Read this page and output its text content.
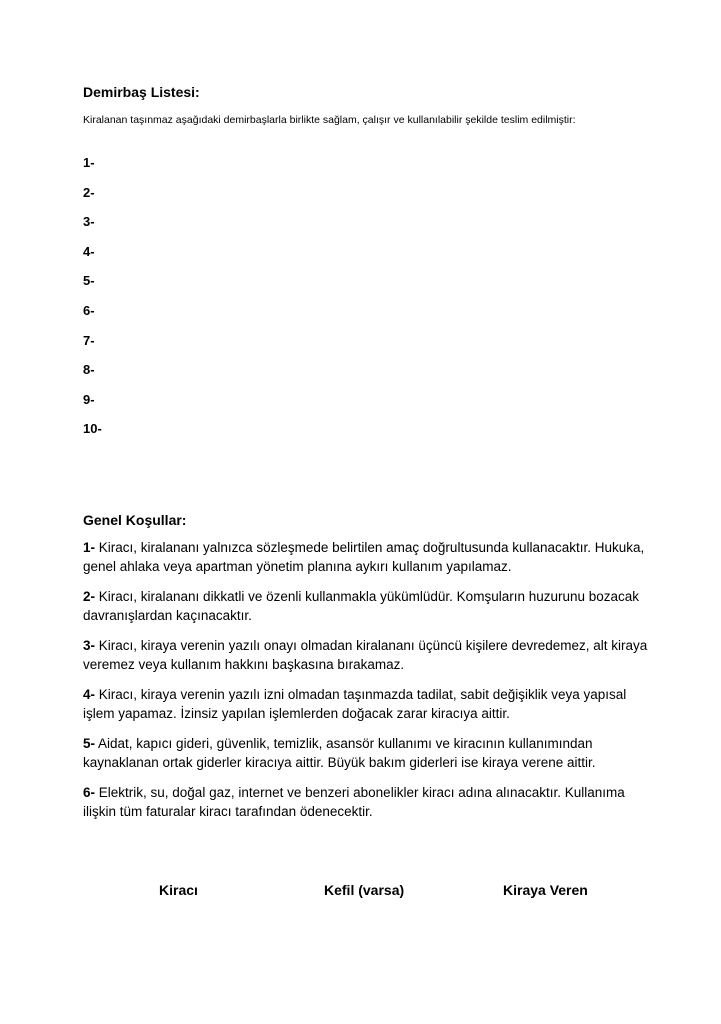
Demirbaş Listesi:
Kiralanan taşınmaz aşağıdaki demirbaşlarla birlikte sağlam, çalışır ve kullanılabilir şekilde teslim edilmiştir:
1-
2-
3-
4-
5-
6-
7-
8-
9-
10-
Genel Koşullar:

1- Kiracı, kiralananı yalnızca sözleşmede belirtilen amaç doğrultusunda kullanacaktır. Hukuka, genel ahlaka veya apartman yönetim planına aykırı kullanım yapılamaz.

2- Kiracı, kiralananı dikkatli ve özenli kullanmakla yükümlüdür. Komşuların huzurunu bozacak davranışlardan kaçınacaktır.

3- Kiracı, kiraya verenin yazılı onayı olmadan kiralananı üçüncü kişilere devredemez, alt kiraya veremez veya kullanım hakkını başkasına bırakamaz.

4- Kiracı, kiraya verenin yazılı izni olmadan taşınmazda tadilat, sabit değişiklik veya yapısal işlem yapamaz. İzinsiz yapılan işlemlerden doğacak zarar kiracıya aittir.

5- Aidat, kapıcı gideri, güvenlik, temizlik, asansör kullanımı ve kiracının kullanımından kaynaklanan ortak giderler kiracıya aittir. Büyük bakım giderleri ise kiraya verene aittir.

6- Elektrik, su, doğal gaz, internet ve benzeri abonelikler kiracı adına alınacaktır. Kullanıma ilişkin tüm faturalar kiracı tarafından ödenecektir.

Kiracı	Kefil (varsa)	Kiraya Veren
